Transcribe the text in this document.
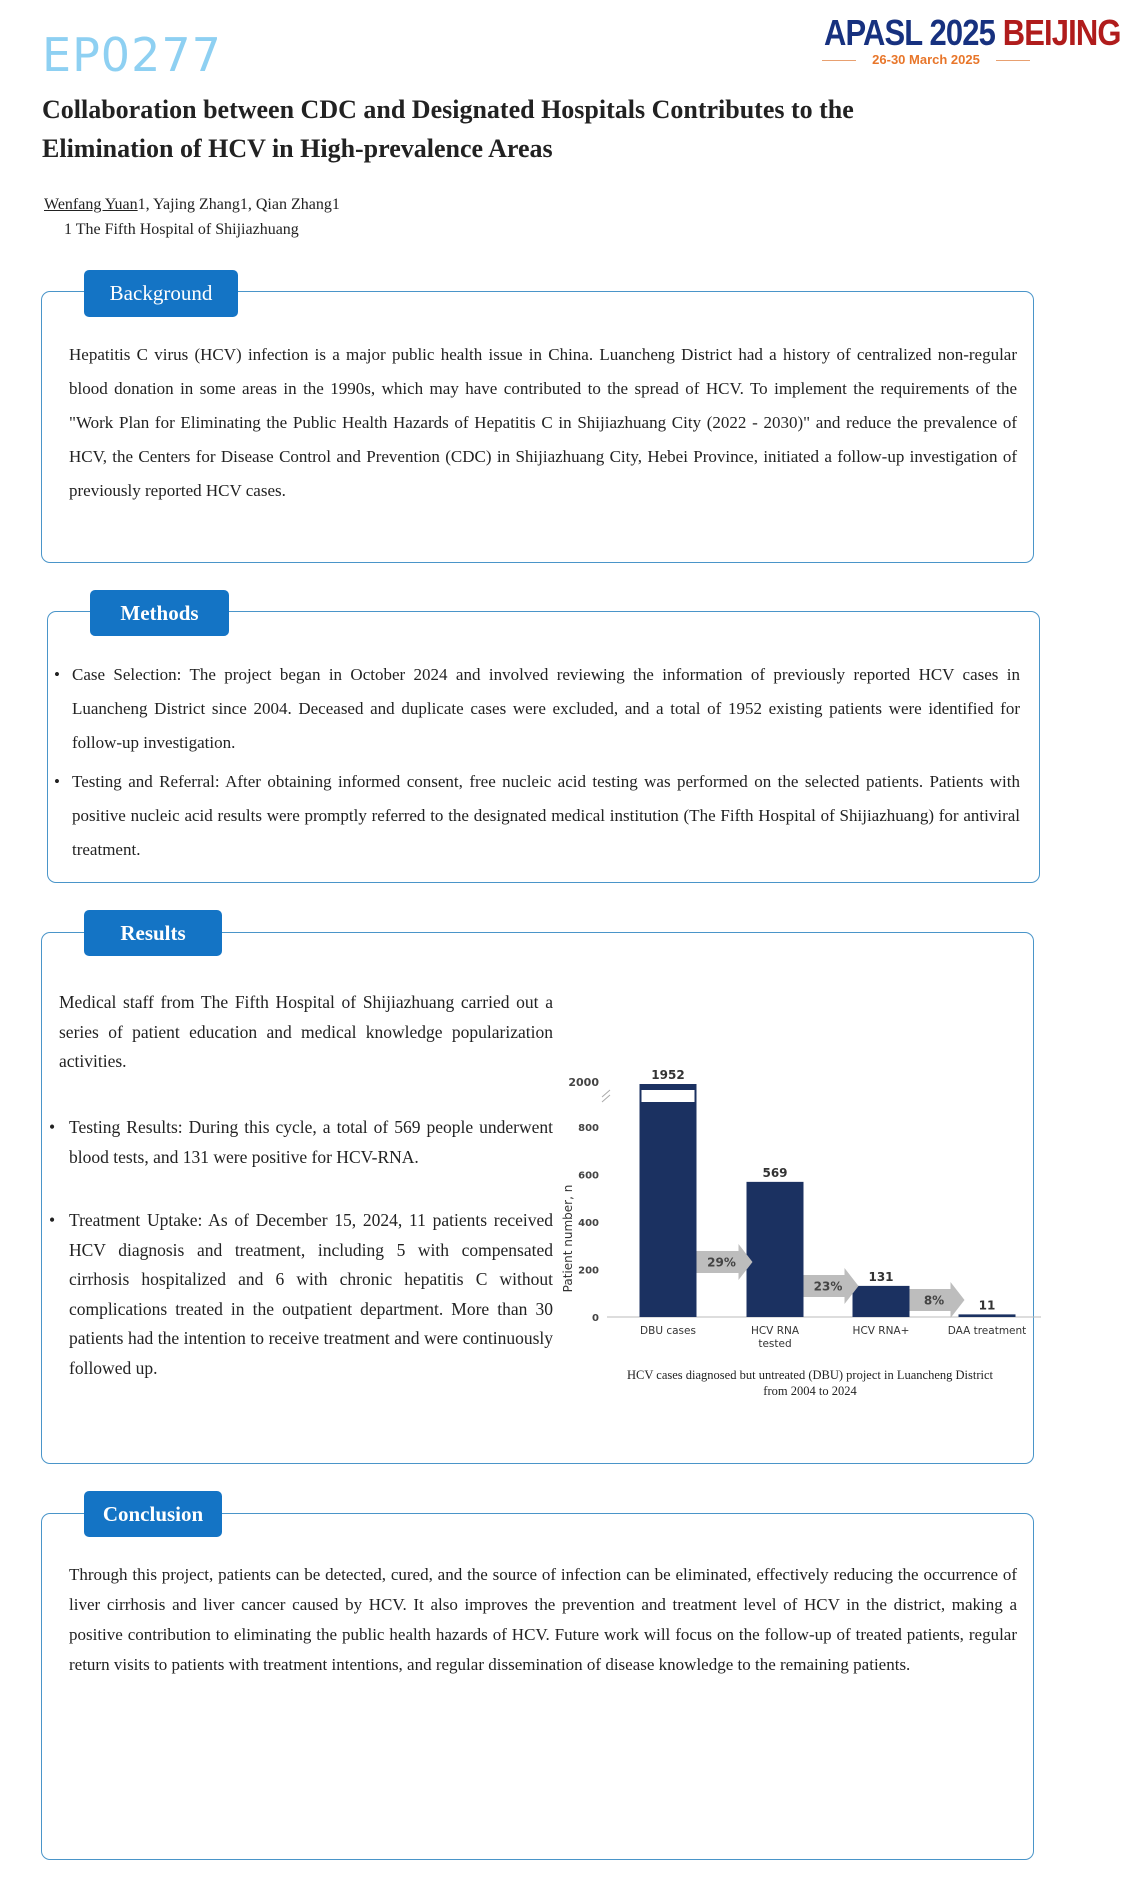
EP0277	APASL 2025 BEIJING
26-30 March 2025
Collaboration between CDC and Designated Hospitals Contributes to the
Elimination of HCV in High-prevalence Areas
Wenfang Yuan1, Yajing Zhang1, Qian Zhang1
1 The Fifth Hospital of Shijiazhuang
Background
Hepatitis C virus (HCV) infection is a major public health issue in China. Luancheng District had a history of centralized non-regular blood donation in some areas in the 1990s, which may have contributed to the spread of HCV. To implement the requirements of the "Work Plan for Eliminating the Public Health Hazards of Hepatitis C in Shijiazhuang City (2022 - 2030)" and reduce the prevalence of HCV, the Centers for Disease Control and Prevention (CDC) in Shijiazhuang City, Hebei Province, initiated a follow-up investigation of previously reported HCV cases.
Methods
• Case Selection: The project began in October 2024 and involved reviewing the information of previously reported HCV cases in Luancheng District since 2004. Deceased and duplicate cases were excluded, and a total of 1952 existing patients were identified for follow-up investigation.
• Testing and Referral: After obtaining informed consent, free nucleic acid testing was performed on the selected patients. Patients with positive nucleic acid results were promptly referred to the designated medical institution (The Fifth Hospital of Shijiazhuang) for antiviral treatment.
Results
Medical staff from The Fifth Hospital of Shijiazhuang carried out a series of patient education and medical knowledge popularization activities.
• Testing Results: During this cycle, a total of 569 people underwent blood tests, and 131 were positive for HCV-RNA.
• Treatment Uptake: As of December 15, 2024, 11 patients received HCV diagnosis and treatment, including 5 with compensated cirrhosis hospitalized and 6 with chronic hepatitis C without complications treated in the outpatient department. More than 30 patients had the intention to receive treatment and were continuously followed up.
0
200
400
600
800
2000
Patient number, n
1952
DBU cases
569
HCV RNA
tested
131
HCV RNA+
11
DAA treatment
29%
23%
8%
HCV cases diagnosed but untreated (DBU) project in Luancheng District from 2004 to 2024
Conclusion
Through this project, patients can be detected, cured, and the source of infection can be eliminated, effectively reducing the occurrence of liver cirrhosis and liver cancer caused by HCV. It also improves the prevention and treatment level of HCV in the district, making a positive contribution to eliminating the public health hazards of HCV. Future work will focus on the follow-up of treated patients, regular return visits to patients with treatment intentions, and regular dissemination of disease knowledge to the remaining patients.
